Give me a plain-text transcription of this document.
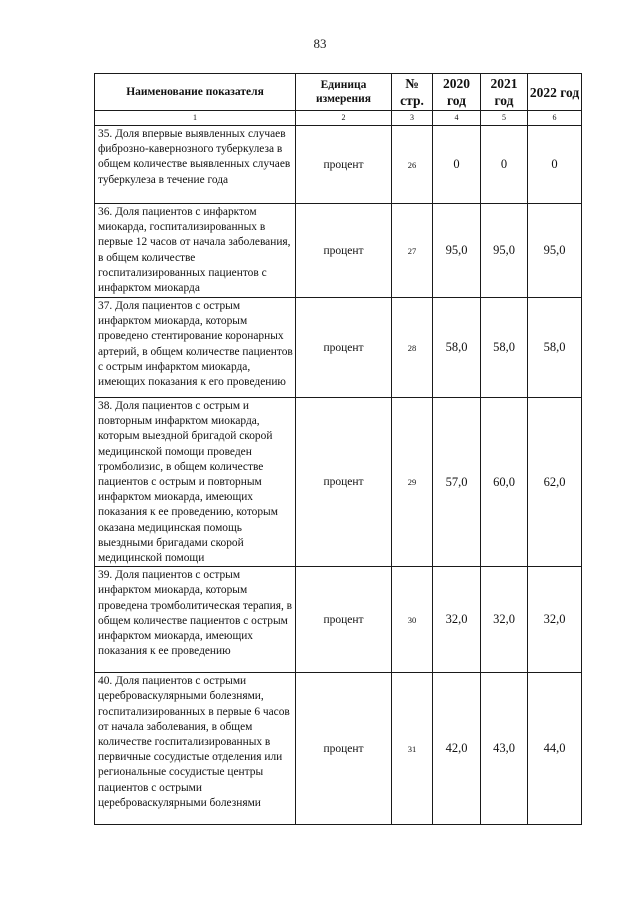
83
Наименование показателя	Единица измерения	№ стр.	2020 год	2021 год	2022 год
1	2	3	4	5	6
35. Доля впервые выявленных случаев фиброзно-кавернозного туберкулеза в общем количестве выявленных случаев туберкулеза в течение года	процент	26	0	0	0
36. Доля пациентов с инфарктом миокарда, госпитализированных в первые 12 часов от начала заболевания, в общем количестве госпитализированных пациентов с инфарктом миокарда	процент	27	95,0	95,0	95,0
37. Доля пациентов с острым инфарктом миокарда, которым проведено стентирование коронарных артерий, в общем количестве пациентов с острым инфарктом миокарда, имеющих показания к его проведению	процент	28	58,0	58,0	58,0
38. Доля пациентов с острым и повторным инфарктом миокарда, которым выездной бригадой скорой медицинской помощи проведен тромболизис, в общем количестве пациентов с острым и повторным инфарктом миокарда, имеющих показания к ее проведению, которым оказана медицинская помощь выездными бригадами скорой медицинской помощи	процент	29	57,0	60,0	62,0
39. Доля пациентов с острым инфарктом миокарда, которым проведена тромболитическая терапия, в общем количестве пациентов с острым инфарктом миокарда, имеющих показания к ее проведению	процент	30	32,0	32,0	32,0
40. Доля пациентов с острыми цереброваскулярными болезнями, госпитализированных в первые 6 часов от начала заболевания, в общем количестве госпитализированных в первичные сосудистые отделения или региональные сосудистые центры пациентов с острыми цереброваскулярными болезнями	процент	31	42,0	43,0	44,0
